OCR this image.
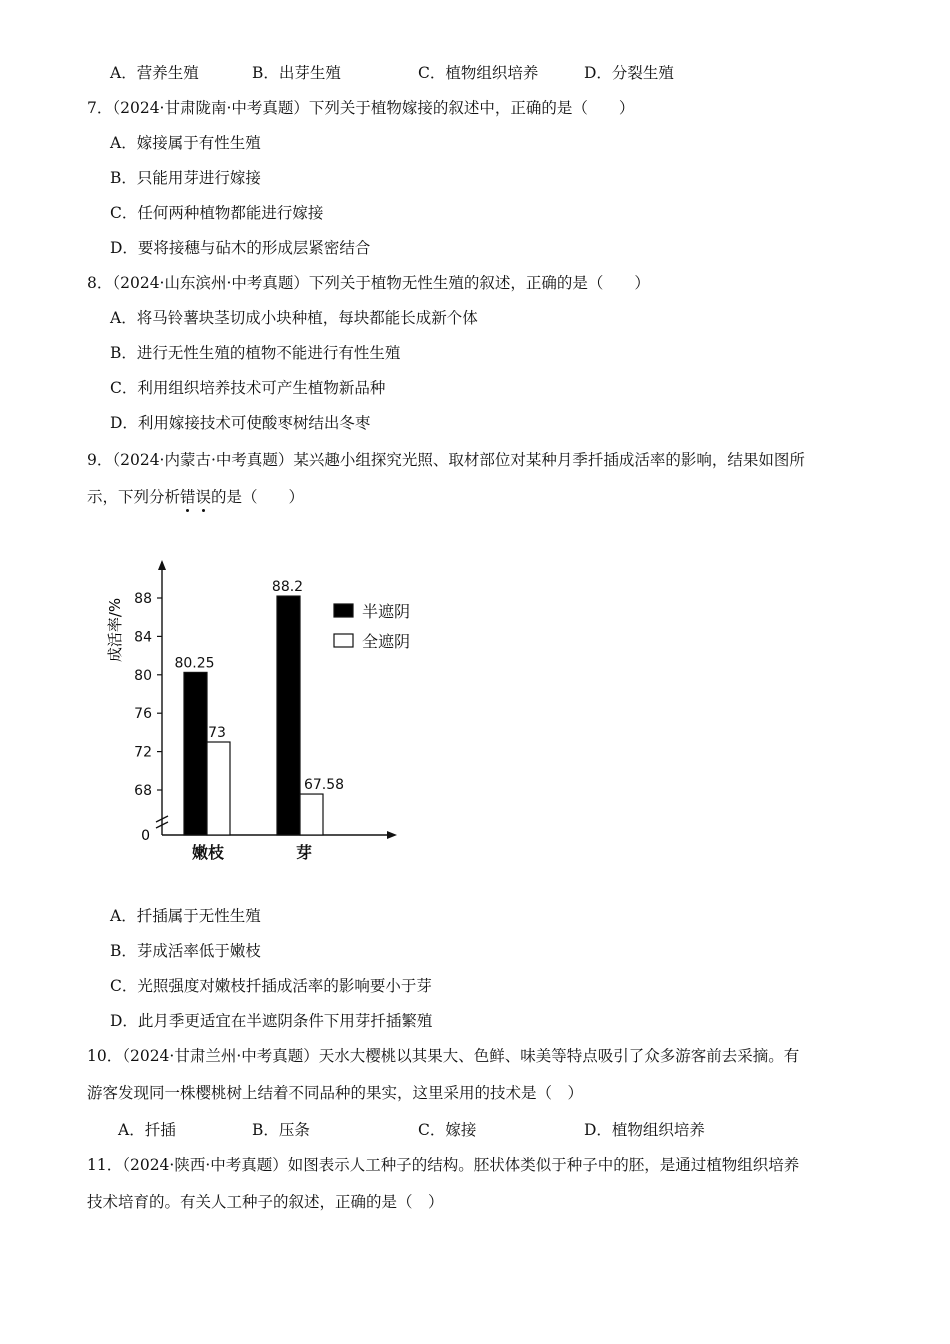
A．营养生殖	B．出芽生殖	C．植物组织培养	D．分裂生殖
7．（2024·甘肃陇南·中考真题）下列关于植物嫁接的叙述中，正确的是（　　）
A．嫁接属于有性生殖
B．只能用芽进行嫁接
C．任何两种植物都能进行嫁接
D．要将接穗与砧木的形成层紧密结合
8．（2024·山东滨州·中考真题）下列关于植物无性生殖的叙述，正确的是（　　）
A．将马铃薯块茎切成小块种植，每块都能长成新个体
B．进行无性生殖的植物不能进行有性生殖
C．利用组织培养技术可产生植物新品种
D．利用嫁接技术可使酸枣树结出冬枣
9．（2024·内蒙古·中考真题）某兴趣小组探究光照、取材部位对某种月季扦插成活率的影响，结果如图所
示，下列分析错误的是（　　）
成活率/%
0
68
72
76
80
84
88
80.25
73
88.2
67.58
嫩枝	芽
半遮阴
全遮阴
A．扦插属于无性生殖
B．芽成活率低于嫩枝
C．光照强度对嫩枝扦插成活率的影响要小于芽
D．此月季更适宜在半遮阴条件下用芽扦插繁殖
10．（2024·甘肃兰州·中考真题）天水大樱桃以其果大、色鲜、味美等特点吸引了众多游客前去采摘。有
游客发现同一株樱桃树上结着不同品种的果实，这里采用的技术是（　）
A．扦插	B．压条	C．嫁接	D．植物组织培养
11．（2024·陕西·中考真题）如图表示人工种子的结构。胚状体类似于种子中的胚，是通过植物组织培养
技术培育的。有关人工种子的叙述，正确的是（　）
